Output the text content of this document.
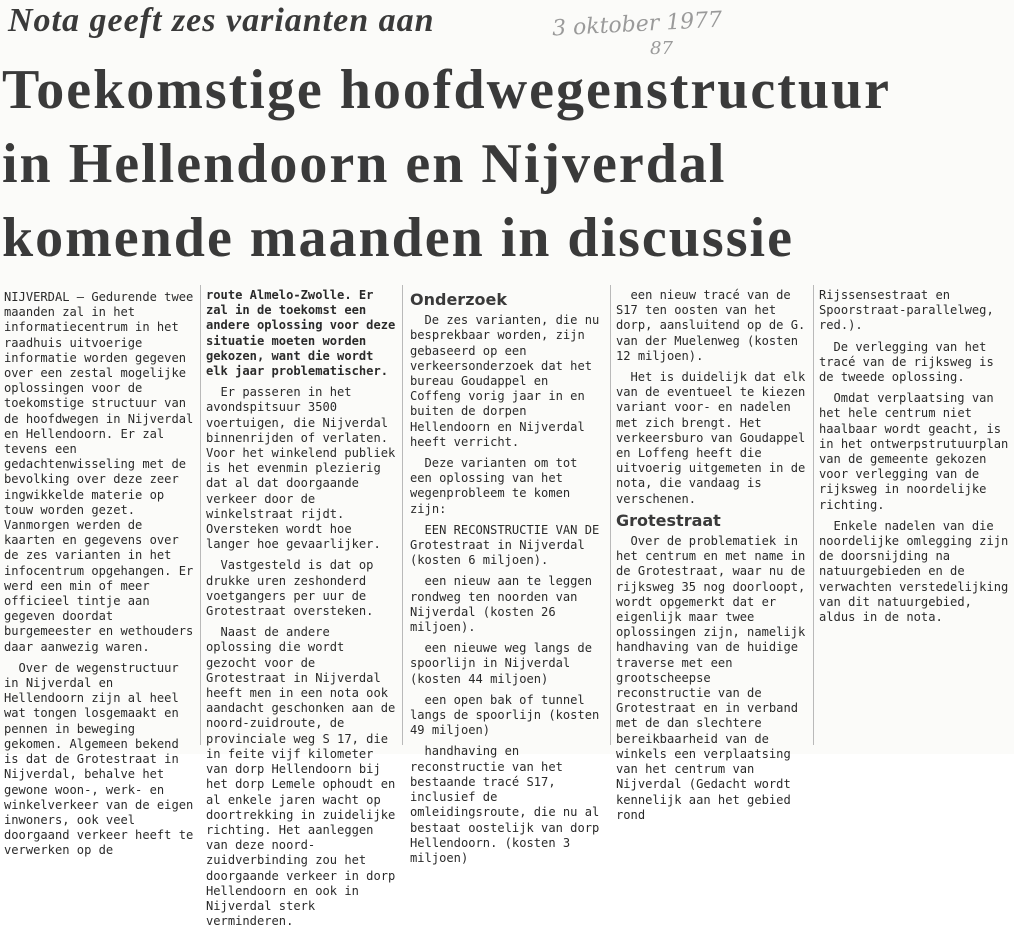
Nota geeft zes varianten aan	3 oktober 1977
87
Toekomstige hoofdwegenstructuur
in Hellendoorn en Nijverdal
komende maanden in discussie

NIJVERDAL — Gedurende twee maanden zal in het informatiecentrum in het raadhuis uitvoerige informatie worden gegeven over een zestal mogelijke oplossingen voor de toekomstige structuur van de hoofdwegen in Nijverdal en Hellendoorn. Er zal tevens een gedachtenwisseling met de bevolking over deze zeer ingwikkelde materie op touw worden gezet. Vanmorgen werden de kaarten en gegevens over de zes varianten in het infocentrum opgehangen. Er werd een min of meer officieel tintje aan gegeven doordat burgemeester en wethouders daar aanwezig waren.

Over de wegenstructuur in Nijverdal en Hellendoorn zijn al heel wat tongen losgemaakt en pennen in beweging gekomen. Algemeen bekend is dat de Grotestraat in Nijverdal, behalve het gewone woon-, werk- en winkelverkeer van de eigen inwoners, ook veel doorgaand verkeer heeft te verwerken op de

route Almelo-Zwolle. Er zal in de toekomst een andere oplossing voor deze situatie moeten worden gekozen, want die wordt elk jaar problematischer.

Er passeren in het avondspitsuur 3500 voertuigen, die Nijverdal binnenrijden of verlaten. Voor het winkelend publiek is het evenmin plezierig dat al dat doorgaande verkeer door de winkelstraat rijdt. Oversteken wordt hoe langer hoe gevaarlijker.

Vastgesteld is dat op drukke uren zeshonderd voetgangers per uur de Grotestraat oversteken.

Naast de andere oplossing die wordt gezocht voor de Grotestraat in Nijverdal heeft men in een nota ook aandacht geschonken aan de noord-zuidroute, de provinciale weg S 17, die in feite vijf kilometer van dorp Hellendoorn bij het dorp Lemele ophoudt en al enkele jaren wacht op doortrekking in zuidelijke richting. Het aanleggen van deze noord-zuidverbinding zou het doorgaande verkeer in dorp Hellendoorn en ook in Nijverdal sterk verminderen.

Onderzoek

De zes varianten, die nu besprekbaar worden, zijn gebaseerd op een verkeersonderzoek dat het bureau Goudappel en Coffeng vorig jaar in en buiten de dorpen Hellendoorn en Nijverdal heeft verricht.

Deze varianten om tot een oplossing van het wegenprobleem te komen zijn:

EEN RECONSTRUCTIE VAN DE Grotestraat in Nijverdal (kosten 6 miljoen).

een nieuw aan te leggen rondweg ten noorden van Nijverdal (kosten 26 miljoen).

een nieuwe weg langs de spoorlijn in Nijverdal (kosten 44 miljoen)

een open bak of tunnel langs de spoorlijn (kosten 49 miljoen)

handhaving en reconstructie van het bestaande tracé S17, inclusief de omleidingsroute, die nu al bestaat oostelijk van dorp Hellendoorn. (kosten 3 miljoen)

een nieuw tracé van de S17 ten oosten van het dorp, aansluitend op de G. van der Muelenweg (kosten 12 miljoen).

Het is duidelijk dat elk van de eventueel te kiezen variant voor- en nadelen met zich brengt. Het verkeersburo van Goudappel en Loffeng heeft die uitvoerig uitgemeten in de nota, die vandaag is verschenen.

Grotestraat

Over de problematiek in het centrum en met name in de Grotestraat, waar nu de rijksweg 35 nog doorloopt, wordt opgemerkt dat er eigenlijk maar twee oplossingen zijn, namelijk handhaving van de huidige traverse met een grootscheepse reconstructie van de Grotestraat en in verband met de dan slechtere bereikbaarheid van de winkels een verplaatsing van het centrum van Nijverdal (Gedacht wordt kennelijk aan het gebied rond

Rijssensestraat en Spoorstraat-parallelweg, red.).

De verlegging van het tracé van de rijksweg is de tweede oplossing.

Omdat verplaatsing van het hele centrum niet haalbaar wordt geacht, is in het ontwerpstrutuurplan van de gemeente gekozen voor verlegging van de rijksweg in noordelijke richting.

Enkele nadelen van die noordelijke omlegging zijn de doorsnijding na natuurgebieden en de verwachten verstedelijking van dit natuurgebied, aldus in de nota.
